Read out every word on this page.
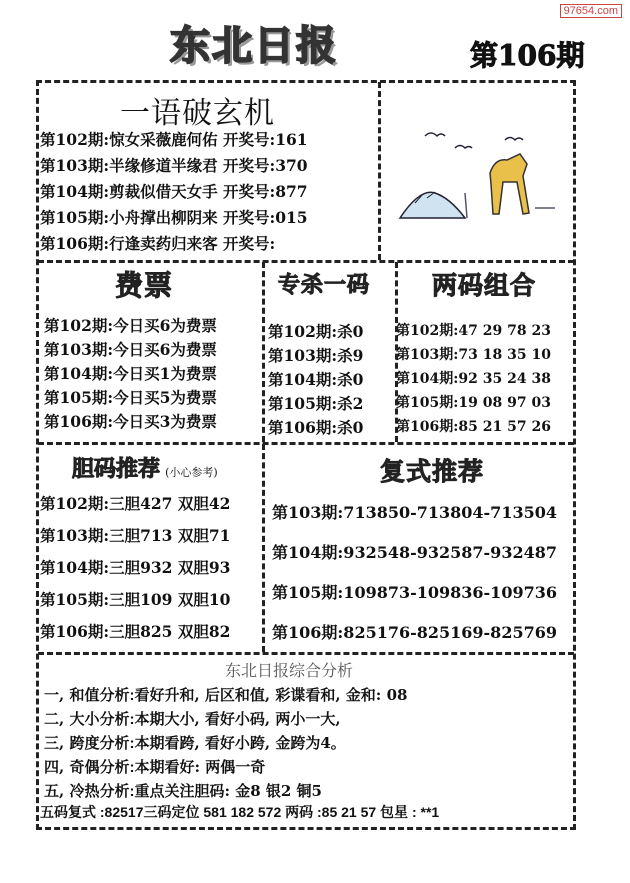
97654.com
东北日报	第106期
一语破玄机
第102期:惊女采薇鹿何佑 开奖号:161
第103期:半缘修道半缘君 开奖号:370
第104期:剪裁似借天女手 开奖号:877
第105期:小舟撑出柳阴来 开奖号:015
第106期:行逢卖药归来客 开奖号:
费票
第102期:今日买6为费票
第103期:今日买6为费票
第104期:今日买1为费票
第105期:今日买5为费票
第106期:今日买3为费票
专杀一码
第102期:杀0
第103期:杀9
第104期:杀0
第105期:杀2
第106期:杀0
两码组合
第102期:47 29 78 23
第103期:73 18 35 10
第104期:92 35 24 38
第105期:19 08 97 03
第106期:85 21 57 26
胆码推荐 (小心参考)
第102期:三胆427 双胆42
第103期:三胆713 双胆71
第104期:三胆932 双胆93
第105期:三胆109 双胆10
第106期:三胆825 双胆82
复式推荐
第103期:713850-713804-713504
第104期:932548-932587-932487
第105期:109873-109836-109736
第106期:825176-825169-825769
东北日报综合分析
一, 和值分析:看好升和, 后区和值, 彩谍看和, 金和: 08
二, 大小分析:本期大小, 看好小码, 两小一大,
三, 跨度分析:本期看跨, 看好小跨, 金跨为4。
四, 奇偶分析:本期看好: 两偶一奇
五, 冷热分析:重点关注胆码: 金8 银2 铜5
五码复式 :82517三码定位 581 182 572 两码 :85 21 57 包星 : **1
